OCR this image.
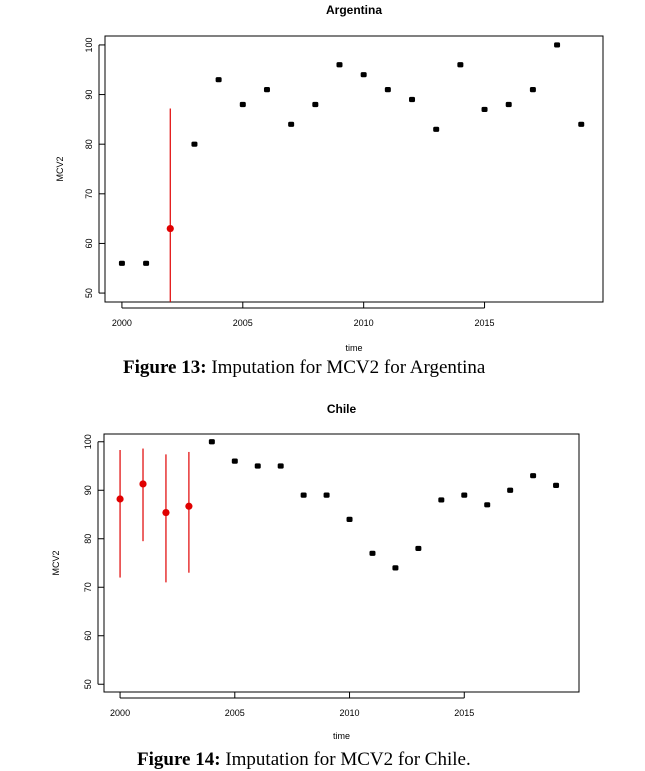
Argentina
2000	2005	2010	2015
50
60
70
80
90
100
time
MCV2
Chile
2000	2005	2010	2015
50
60
70
80
90
100
time
MCV2
Figure 13: Imputation for MCV2 for Argentina
Figure 14: Imputation for MCV2 for Chile.
